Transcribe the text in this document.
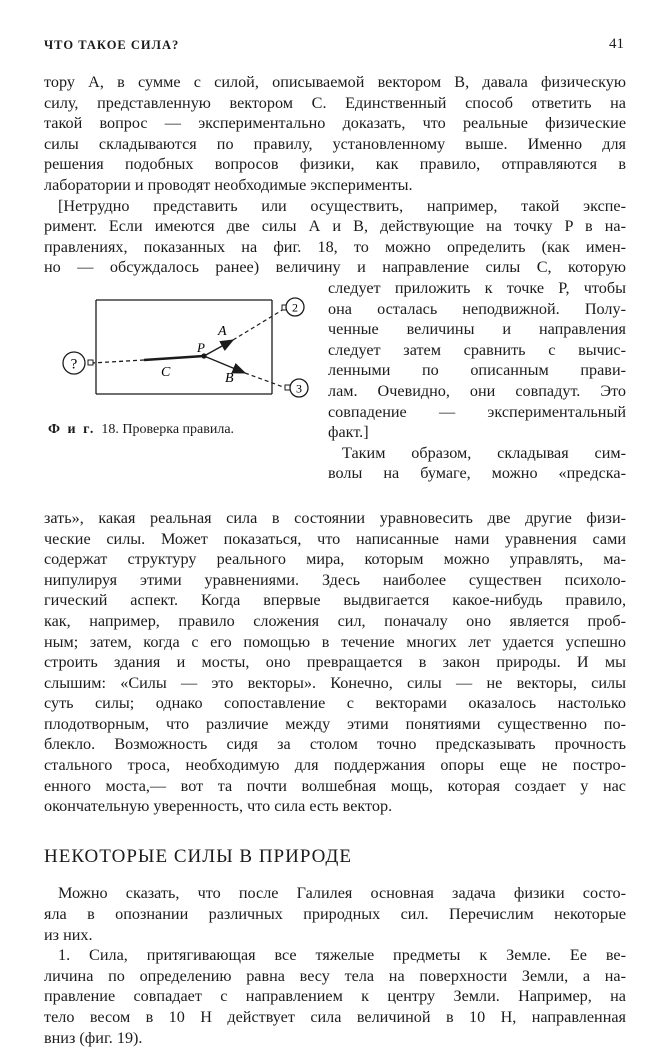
ЧТО ТАКОЕ СИЛА?	41

тору А, в сумме с силой, описываемой вектором В, давала физическую

силу, представленную вектором С. Единственный способ ответить на

такой вопрос — экспериментально доказать, что реальные физические

силы складываются по правилу, установленному выше. Именно для

решения подобных вопросов физики, как правило, отправляются в

лаборатории и проводят необходимые эксперименты.

[Нетрудно представить или осуществить, например, такой экспе-

римент. Если имеются две силы А и В, действующие на точку P в на-

правлениях, показанных на фиг. 18, то можно определить (как имен-

но — обсуждалось ранее) величину и направление силы С, которую

2
3
?
A
B
C
P
Ф и г. 18. Проверка правила.

следует приложить к точке P, чтобы

она осталась неподвижной. Полу-

ченные величины и направления

следует затем сравнить с вычис-

ленными по описанным прави-

лам. Очевидно, они совпадут. Это

совпадение — экспериментальный

факт.]

Таким образом, складывая сим-

волы на бумаге, можно «предска-

зать», какая реальная сила в состоянии уравновесить две другие физи-

ческие силы. Может показаться, что написанные нами уравнения сами

содержат структуру реального мира, которым можно управлять, ма-

нипулируя этими уравнениями. Здесь наиболее существен психоло-

гический аспект. Когда впервые выдвигается какое-нибудь правило,

как, например, правило сложения сил, поначалу оно является проб-

ным; затем, когда с его помощью в течение многих лет удается успешно

строить здания и мосты, оно превращается в закон природы. И мы

слышим: «Силы — это векторы». Конечно, силы — не векторы, силы

суть силы; однако сопоставление с векторами оказалось настолько

плодотворным, что различие между этими понятиями существенно по-

блекло. Возможность сидя за столом точно предсказывать прочность

стального троса, необходимую для поддержания опоры еще не постро-

енного моста,— вот та почти волшебная мощь, которая создает у нас

окончательную уверенность, что сила есть вектор.

НЕКОТОРЫЕ СИЛЫ В ПРИРОДЕ

Можно сказать, что после Галилея основная задача физики состо-

яла в опознании различных природных сил. Перечислим некоторые

из них.

1. Сила, притягивающая все тяжелые предметы к Земле. Ее ве-

личина по определению равна весу тела на поверхности Земли, а на-

правление совпадает с направлением к центру Земли. Например, на

тело весом в 10 Н действует сила величиной в 10 Н, направленная

вниз (фиг. 19).
